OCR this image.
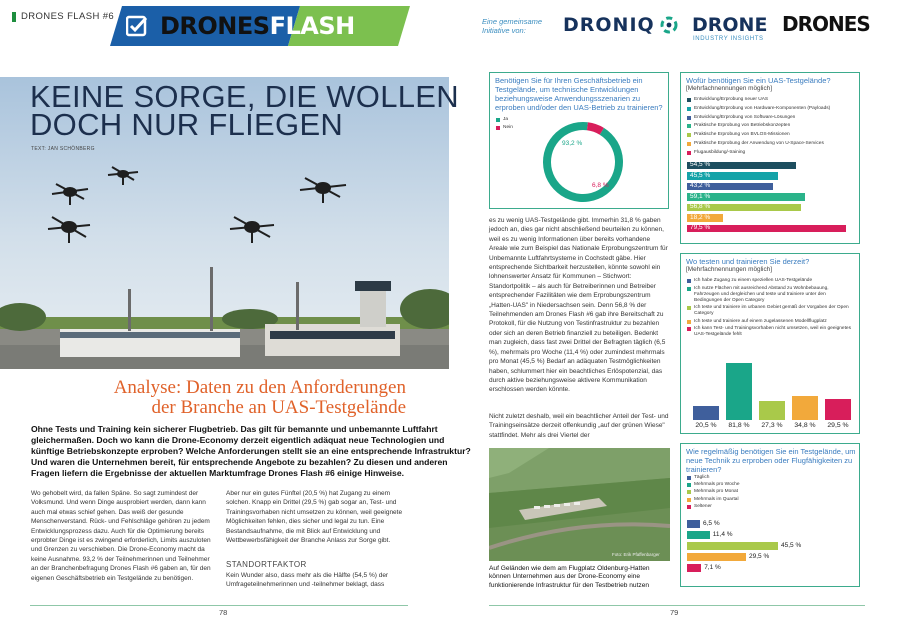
DRONES FLASH #6 DRONESFLASH	Eine gemeinsame Initiative von:	DRONIQ DRONE
INDUSTRY INSIGHTS
DRONES
KEINE SORGE, DIE WOLLEN
DOCH NUR FLIEGEN
TEXT: JAN SCHÖNBERG
Analyse: Daten zu den Anforderungen
der Branche an UAS-Testgelände
Ohne Tests und Training kein sicherer Flugbetrieb. Das gilt für bemannte und unbemannte Luftfahrt gleichermaßen. Doch wo kann die Drone-Economy derzeit eigentlich adäquat neue Technologien und künftige Betriebskonzepte erproben? Welche Anforderungen stellt sie an eine entsprechende Infrastruktur? Und waren die Unternehmen bereit, für entsprechende Angebote zu bezahlen? Zu diesen und anderen Fragen liefern die Ergebnisse der aktuellen Marktumfrage Drones Flash #6 einige Hinweise.
Wo gehobelt wird, da fallen Späne. So sagt zumindest der Volksmund. Und wenn Dinge ausprobiert werden, dann kann auch mal etwas schief gehen. Das weiß der gesunde Menschenverstand. Rück- und Fehlschläge gehören zu jedem Entwicklungsprozess dazu. Auch für die Optimierung bereits erprobter Dinge ist es zwingend erforderlich, Limits auszuloten und Grenzen zu verschieben. Die Drone-Economy macht da keine Ausnahme. 93,2 % der Teilnehmerinnen und Teilnehmer an der Branchenbefragung Drones Flash #6 gaben an, für den eigenen Geschäftsbetrieb ein Testgelände zu benötigen.
Aber nur ein gutes Fünftel (20,5 %) hat Zugang zu einem solchen. Knapp ein Drittel (29,5 %) gab sogar an, Test- und Trainingsvorhaben nicht umsetzen zu können, weil geeignete Möglichkeiten fehlen, dies sicher und legal zu tun. Eine Bestandsaufnahme, die mit Blick auf Entwicklung und Wettbewerbsfähigkeit der Branche Anlass zur Sorge gibt.
STANDORTFAKTOR
Kein Wunder also, dass mehr als die Hälfte (54,5 %) der Umfrageteilnehmerinnen und -teilnehmer beklagt, dass
78
es zu wenig UAS-Testgelände gibt. Immerhin 31,8 % gaben jedoch an, dies gar nicht abschließend beurteilen zu können, weil es zu wenig Informationen über bereits vorhandene Areale wie zum Beispiel das Nationale Erprobungszentrum für Unbemannte Luftfahrtsysteme in Cochstedt gäbe. Hier entsprechende Sichtbarkeit herzustellen, könnte sowohl ein lohnenswerter Ansatz für Kommunen – Stichwort: Standortpolitik – als auch für Betreiberinnen und Betreiber entsprechender Fazilitäten wie dem Erprobungszentrum „Hatten-UAS" in Niedersachsen sein. Denn 56,8 % der Teilnehmenden am Drones Flash #6 gab ihre Bereitschaft zu Protokoll, für die Nutzung von Testinfrastruktur zu bezahlen oder sich an deren Betrieb finanziell zu beteiligen. Bedenkt man zugleich, dass fast zwei Drittel der Befragten täglich (6,5 %), mehrmals pro Woche (11,4 %) oder zumindest mehrmals pro Monat (45,5 %) Bedarf an adäquaten Testmöglichkeiten haben, schlummert hier ein beachtliches Erlöspotenzial, das durch aktive beziehungsweise aktivere Kommunikation erschlossen werden könnte.
Nicht zuletzt deshalb, weil ein beachtlicher Anteil der Test- und Trainingseinsätze derzeit offenkundig „auf der grünen Wiese" stattfindet. Mehr als drei Viertel der
Foto: Erik Pfaffenbarger
Auf Geländen wie dem am Flugplatz Oldenburg-Hatten können Unternehmen aus der Drone-Economy eine funktionierende Infrastruktur für den Testbetrieb nutzen
79
Benötigen Sie für Ihren Geschäftsbetrieb ein Testgelände, um technische Entwicklungen beziehungsweise Anwendungsszenarien zu erproben und/oder den UAS-Betrieb zu trainieren?
Ja
Nein
93,2 %
6,8 %
Wofür benötigen Sie ein UAS-Testgelände?
[Mehrfachnennungen möglich]
Entwicklung/Erprobung neuer UAS
Entwicklung/Erprobung von Hardware-Komponenten (Payloads)
Entwicklung/Erprobung von Software-Lösungen
Praktische Erprobung von Betriebskonzepten
Praktische Erprobung von BVLOS-Missionen
Praktische Erprobung der Anwendung von U-Space-Services
Flugausbildung/-training
54,5 %
45,5 %
43,2 %
59,1 %
56,8 %
18,2 %
79,5 %
Wo testen und trainieren Sie derzeit?
[Mehrfachnennungen möglich]
Ich habe Zugang zu einem speziellen UAS-Testgelände
Ich nutze Flächen mit ausreichend Abstand zu Wohnbebauung, Fahrzeugen und dergleichen und teste und trainiere unter den Bedingungen der Open Category
Ich teste und trainiere im urbanen Gebiet gemäß der Vorgaben der Open Category
Ich teste und trainiere auf einem zugelassenen Modellflugplatz
Ich kann Test- und Trainingsvorhaben nicht umsetzen, weil ein geeignetes UAS-Testgelände fehlt
20,5 %	81,8 %	27,3 %	34,8 %	29,5 %
Wie regelmäßig benötigen Sie ein Testgelände, um neue Technik zu erproben oder Flugfähigkeiten zu trainieren?
Täglich
Mehrmals pro Woche
Mehrmals pro Monat
Mehrmals im Quartal
Seltener
6,5 %
11,4 %
45,5 %
29,5 %
7,1 %
